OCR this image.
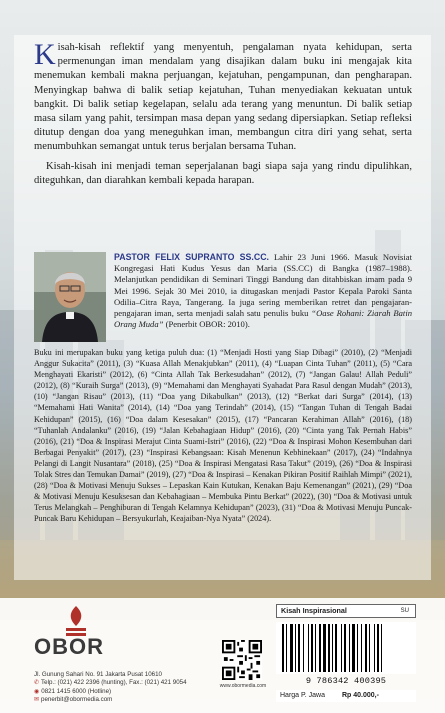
Kisah-kisah reflektif yang menyentuh, pengalaman nyata kehidupan, serta permenungan iman mendalam yang disajikan dalam buku ini mengajak kita menemukan kembali makna perjuangan, kejatuhan, pengampunan, dan pengharapan. Menyingkap bahwa di balik setiap kejatuhan, Tuhan menyediakan kekuatan untuk bangkit. Di balik setiap kegelapan, selalu ada terang yang menuntun. Di balik setiap masa silam yang pahit, tersimpan masa depan yang sedang dipersiapkan. Setiap refleksi ditutup dengan doa yang meneguhkan iman, membangun citra diri yang sehat, serta menumbuhkan semangat untuk terus berjalan bersama Tuhan.

Kisah-kisah ini menjadi teman seperjalanan bagi siapa saja yang rindu dipulihkan, diteguhkan, dan diarahkan kembali kepada harapan.

PASTOR FELIX SUPRANTO SS.CC. Lahir 23 Juni 1966. Masuk Novisiat Kongregasi Hati Kudus Yesus dan Maria (SS.CC) di Bangka (1987–1988). Melanjutkan pendidikan di Seminari Tinggi Bandung dan ditahbiskan imam pada 9 Mei 1996. Sejak 30 Mei 2010, ia ditugaskan menjadi Pastor Kepala Paroki Santa Odilia–Citra Raya, Tangerang. Ia juga sering memberikan retret dan pengajaran-pengajaran iman, serta menjadi salah satu penulis buku “Oase Rohani: Ziarah Batin Orang Muda” (Penerbit OBOR: 2010).
Buku ini merupakan buku yang ketiga puluh dua: (1) “Menjadi Hosti yang Siap Dibagi” (2010), (2) “Menjadi Anggur Sukacita” (2011), (3) “Kuasa Allah Menakjubkan” (2011), (4) “Luapan Cinta Tuhan” (2011), (5) “Cara Menghayati Ekaristi” (2012), (6) “Cinta Allah Tak Berkesudahan” (2012), (7) “Jangan Galau! Allah Peduli” (2012), (8) “Kuraih Surga” (2013), (9) “Memahami dan Menghayati Syahadat Para Rasul dengan Mudah” (2013), (10) “Jangan Risau” (2013), (11) “Doa yang Dikabulkan” (2013), (12) “Berkat dari Surga” (2014), (13) “Memahami Hati Wanita” (2014), (14) “Doa yang Terindah” (2014), (15) “Tangan Tuhan di Tengah Badai Kehidupan” (2015), (16) “Doa dalam Kesesakan” (2015), (17) “Pancaran Kerahiman Allah” (2016), (18) “Tuhanlah Andalanku” (2016), (19) “Jalan Kebahagiaan Hidup” (2016), (20) “Cinta yang Tak Pernah Habis” (2016), (21) “Doa & Inspirasi Merajut Cinta Suami-Istri” (2016), (22) “Doa & Inspirasi Mohon Kesembuhan dari Berbagai Penyakit” (2017), (23) “Inspirasi Kebangsaan: Kisah Menenun Kebhinekaan” (2017), (24) “Indahnya Pelangi di Langit Nusantara” (2018), (25) “Doa & Inspirasi Mengatasi Rasa Takut” (2019), (26) “Doa & Inspirasi Tolak Stres dan Temukan Damai” (2019), (27) “Doa & Inspirasi – Kenakan Pikiran Positif Raihlah Mimpi” (2021), (28) “Doa & Motivasi Menuju Sukses – Lepaskan Kain Kutukan, Kenakan Baju Kemenangan” (2021), (29) “Doa & Motivasi Menuju Kesuksesan dan Kebahagiaan – Membuka Pintu Berkat” (2022), (30) “Doa & Motivasi untuk Terus Melangkah – Penghiburan di Tengah Kelamnya Kehidupan” (2023), (31) “Doa & Motivasi Menuju Puncak-Puncak Baru Kehidupan – Bersyukurlah, Keajaiban-Nya Nyata” (2024).
OBOR
Jl. Gunung Sahari No. 91 Jakarta Pusat 10610
✆ Telp.: (021) 422 2396 (hunting), Fax.: (021) 421 9054
◉ 0821 1415 6000 (Hotline)
✉ penerbit@obormedia.com
www.obormedia.com
Kisah Inspirasional	SU
9 786342 400395
Harga P. Jawa Rp 40.000,-
